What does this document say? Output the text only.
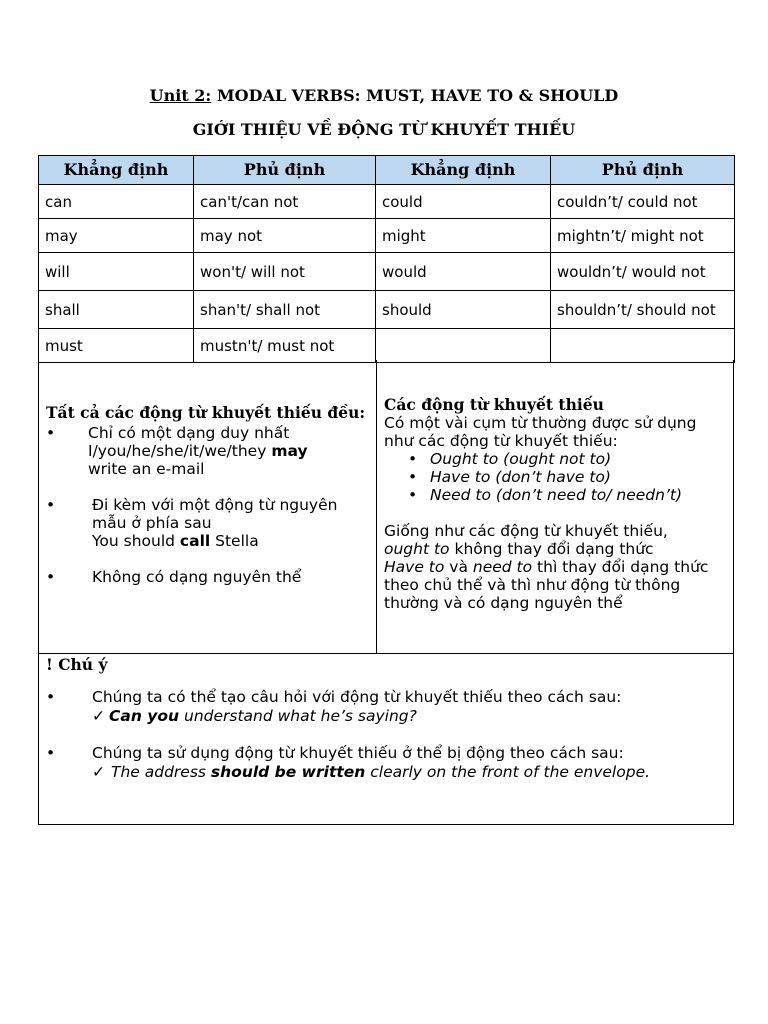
Unit 2: MODAL VERBS: MUST, HAVE TO & SHOULD
GIỚI THIỆU VỀ ĐỘNG TỪ KHUYẾT THIẾU
Khẳng định	Phủ định	Khẳng định	Phủ định
can	can't/can not	could	couldn’t/ could not
may	may not	might	mightn’t/ might not
will	won't/ will not	would	wouldn’t/ would not
shall	shan't/ shall not	should	shouldn’t/ should not
must	mustn't/ must not		
Tất cả các động từ khuyết thiếu đều:
• Chỉ có một dạng duy nhất
I/you/he/she/it/we/they may
write an e-mail
• Đi kèm với một động từ nguyên mẫu ở phía sau
You should call Stella
• Không có dạng nguyên thể
Các động từ khuyết thiếu
Có một vài cụm từ thường được sử dụng như các động từ khuyết thiếu:
• Ought to (ought not to)
• Have to (don’t have to)
• Need to (don’t need to/ needn’t)
Giống như các động từ khuyết thiếu,
ought to không thay đổi dạng thức
Have to và need to thì thay đổi dạng thức theo chủ thể và thì như động từ thông thường và có dạng nguyên thể
! Chú ý
•	Chúng ta có thể tạo câu hỏi với động từ khuyết thiếu theo cách sau:
✓ Can you understand what he’s saying?
•	Chúng ta sử dụng động từ khuyết thiếu ở thể bị động theo cách sau:
✓ The address should be written clearly on the front of the envelope.
